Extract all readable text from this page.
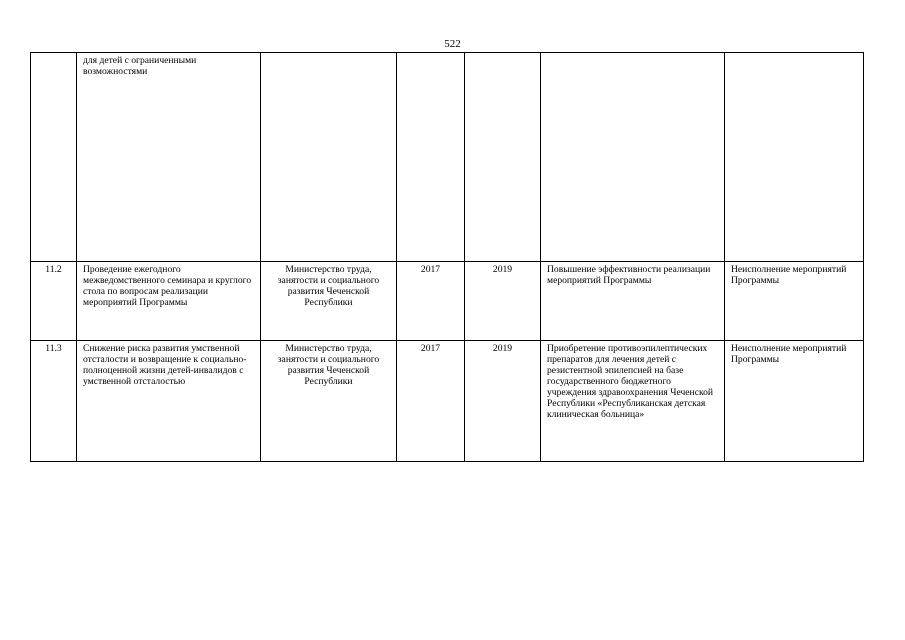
522
	для детей с ограниченными возможностями					
11.2	Проведение ежегодного межведомственного семинара и круглого стола по вопросам реализации мероприятий Программы	Министерство труда, занятости и социального развития Чеченской Республики	2017	2019	Повышение эффективности реализации мероприятий Программы	Неисполнение мероприятий Программы
11.3	Снижение риска развития умственной отсталости и возвращение к социально-полноценной жизни детей-инвалидов с умственной отсталостью	Министерство труда, занятости и социального развития Чеченской Республики	2017	2019	Приобретение противоэпилептических препаратов для лечения детей с резистентной эпилепсией на базе государственного бюджетного учреждения здравоохранения Чеченской Республики «Республиканская детская клиническая больница»	Неисполнение мероприятий Программы
